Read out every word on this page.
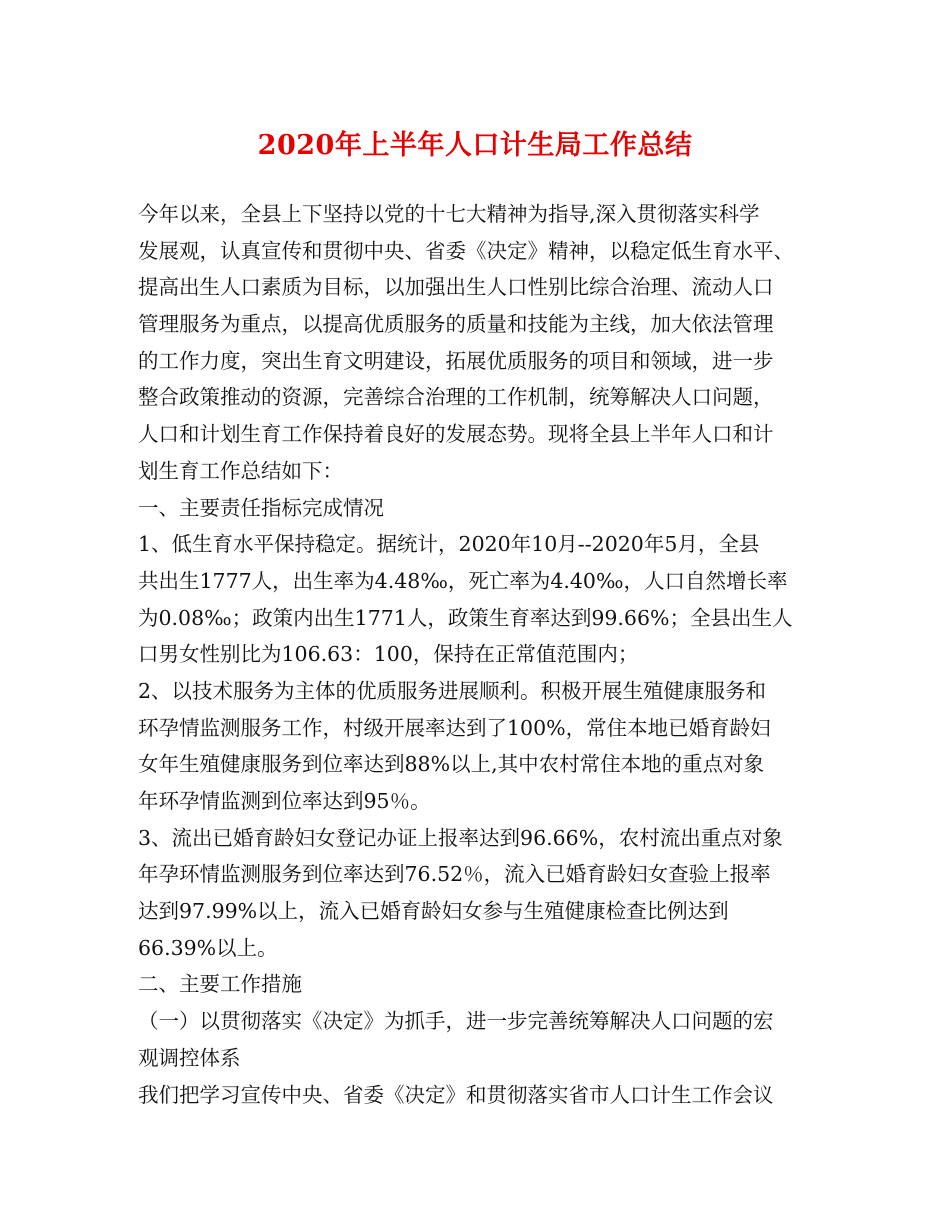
2020年上半年人口计生局工作总结
今年以来，全县上下坚持以党的十七大精神为指导,深入贯彻落实科学
发展观，认真宣传和贯彻中央、省委《决定》精神，以稳定低生育水平、
提高出生人口素质为目标，以加强出生人口性别比综合治理、流动人口
管理服务为重点，以提高优质服务的质量和技能为主线，加大依法管理
的工作力度，突出生育文明建设，拓展优质服务的项目和领域，进一步
整合政策推动的资源，完善综合治理的工作机制，统筹解决人口问题，
人口和计划生育工作保持着良好的发展态势。现将全县上半年人口和计
划生育工作总结如下：
一、主要责任指标完成情况
1、低生育水平保持稳定。据统计，2020年10月--2020年5月，全县
共出生1777人，出生率为4.48‰，死亡率为4.40‰，人口自然增长率
为0.08‰；政策内出生1771人，政策生育率达到99.66%；全县出生人
口男女性别比为106.63：100，保持在正常值范围内；
2、以技术服务为主体的优质服务进展顺利。积极开展生殖健康服务和
环孕情监测服务工作，村级开展率达到了100%，常住本地已婚育龄妇
女年生殖健康服务到位率达到88%以上,其中农村常住本地的重点对象
年环孕情监测到位率达到95％。
3、流出已婚育龄妇女登记办证上报率达到96.66%，农村流出重点对象
年孕环情监测服务到位率达到76.52％，流入已婚育龄妇女查验上报率
达到97.99%以上，流入已婚育龄妇女参与生殖健康检查比例达到
66.39%以上。
二、主要工作措施
（一）以贯彻落实《决定》为抓手，进一步完善统筹解决人口问题的宏
观调控体系
我们把学习宣传中央、省委《决定》和贯彻落实省市人口计生工作会议
